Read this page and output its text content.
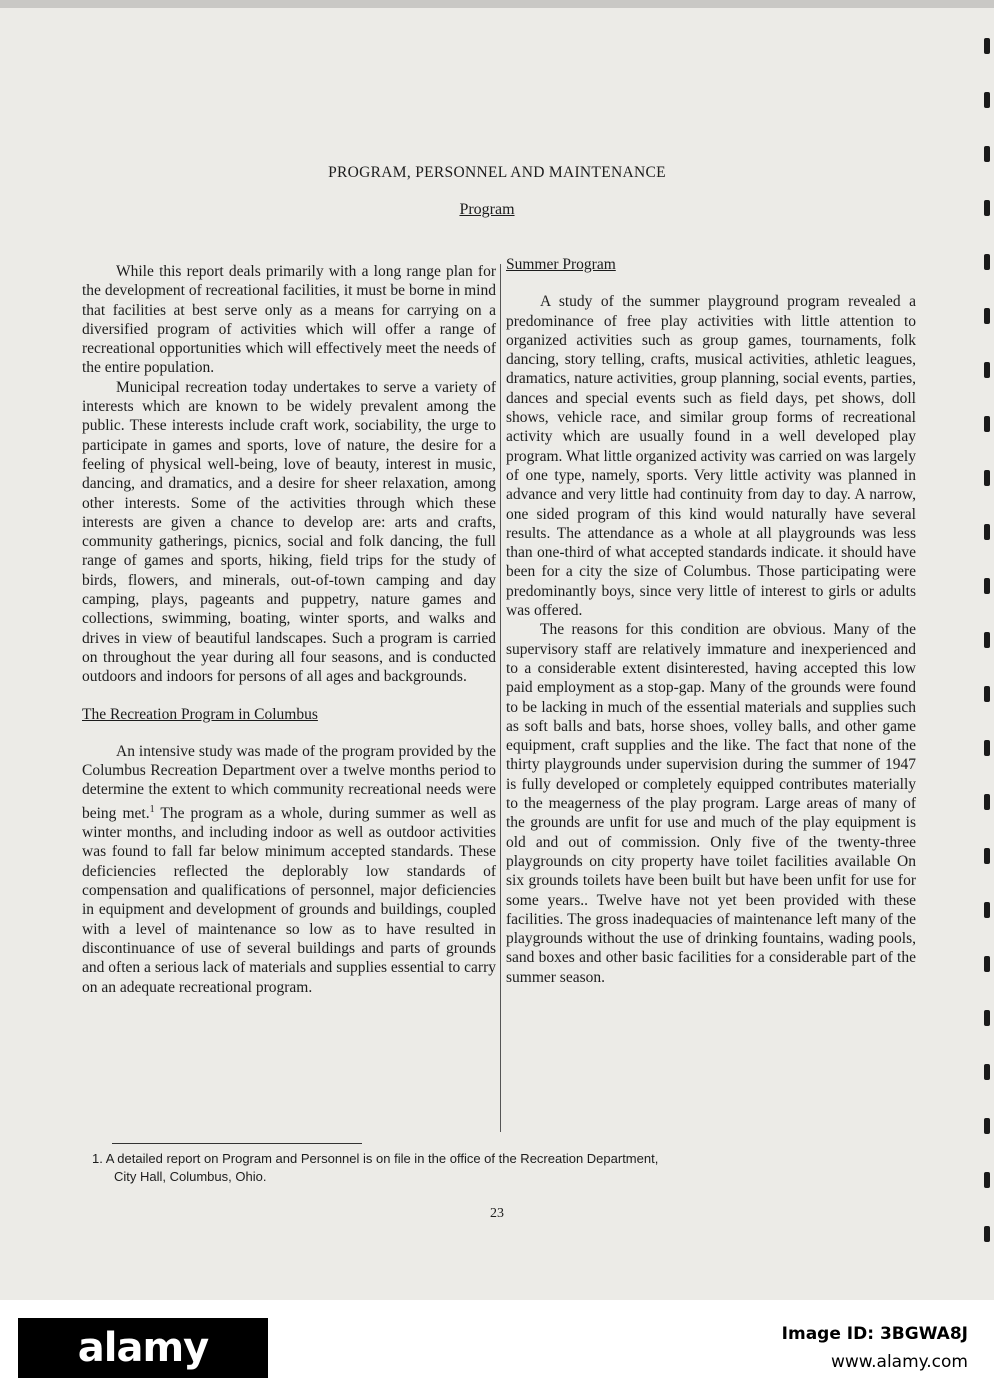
PROGRAM, PERSONNEL AND MAINTENANCE
Program

While this report deals primarily with a long range plan for the development of recreational facilities, it must be borne in mind that facilities at best serve only as a means for carrying on a diversified program of activities which will offer a range of recreational opportunities which will effectively meet the needs of the entire population.

Municipal recreation today undertakes to serve a variety of interests which are known to be widely prevalent among the public. These interests include craft work, sociability, the urge to participate in games and sports, love of nature, the desire for a feeling of physical well-being, love of beauty, interest in music, dancing, and dramatics, and a desire for sheer relaxation, among other interests. Some of the activities through which these interests are given a chance to develop are: arts and crafts, community gatherings, picnics, social and folk dancing, the full range of games and sports, hiking, field trips for the study of birds, flowers, and minerals, out-of-town camping and day camping, plays, pageants and puppetry, nature games and collections, swimming, boating, winter sports, and walks and drives in view of beautiful landscapes. Such a program is carried on throughout the year during all four seasons, and is conducted outdoors and indoors for persons of all ages and backgrounds.

The Recreation Program in Columbus

An intensive study was made of the program provided by the Columbus Recreation Department over a twelve months period to determine the extent to which community recreational needs were being met.$^1$ The program as a whole, during summer as well as winter months, and including indoor as well as outdoor activities was found to fall far below minimum accepted standards. These deficiencies reflected the deplorably low standards of compensation and qualifications of personnel, major deficiencies in equipment and development of grounds and buildings, coupled with a level of maintenance so low as to have resulted in discontinuance of use of several buildings and parts of grounds and often a serious lack of materials and supplies essential to carry on an adequate recreational program.

Summer Program

A study of the summer playground program revealed a predominance of free play activities with little attention to organized activities such as group games, tournaments, folk dancing, story telling, crafts, musical activities, athletic leagues, dramatics, nature activities, group planning, social events, parties, dances and special events such as field days, pet shows, doll shows, vehicle race, and similar group forms of recreational activity which are usually found in a well developed play program. What little organized activity was carried on was largely of one type, namely, sports. Very little activity was planned in advance and very little had continuity from day to day. A narrow, one sided program of this kind would naturally have several results. The attendance as a whole at all playgrounds was less than one-third of what accepted standards indicate. it should have been for a city the size of Columbus. Those participating were predominantly boys, since very little of interest to girls or adults was offered.

The reasons for this condition are obvious. Many of the supervisory staff are relatively immature and inexperienced and to a considerable extent disinterested, having accepted this low paid employment as a stop-gap. Many of the grounds were found to be lacking in much of the essential materials and supplies such as soft balls and bats, horse shoes, volley balls, and other game equipment, craft supplies and the like. The fact that none of the thirty playgrounds under supervision during the summer of 1947 is fully developed or completely equipped contributes materially to the meagerness of the play program. Large areas of many of the grounds are unfit for use and much of the play equipment is old and out of commission. Only five of the twenty-three playgrounds on city property have toilet facilities available On six grounds toilets have been built but have been unfit for use for some years.. Twelve have not yet been provided with these facilities. The gross inadequacies of maintenance left many of the playgrounds without the use of drinking fountains, wading pools, sand boxes and other basic facilities for a considerable part of the summer season.

1. A detailed report on Program and Personnel is on file in the office of the Recreation Department,
City Hall, Columbus, Ohio.
23
alamy	Image ID: 3BGWA8J
www.alamy.com
